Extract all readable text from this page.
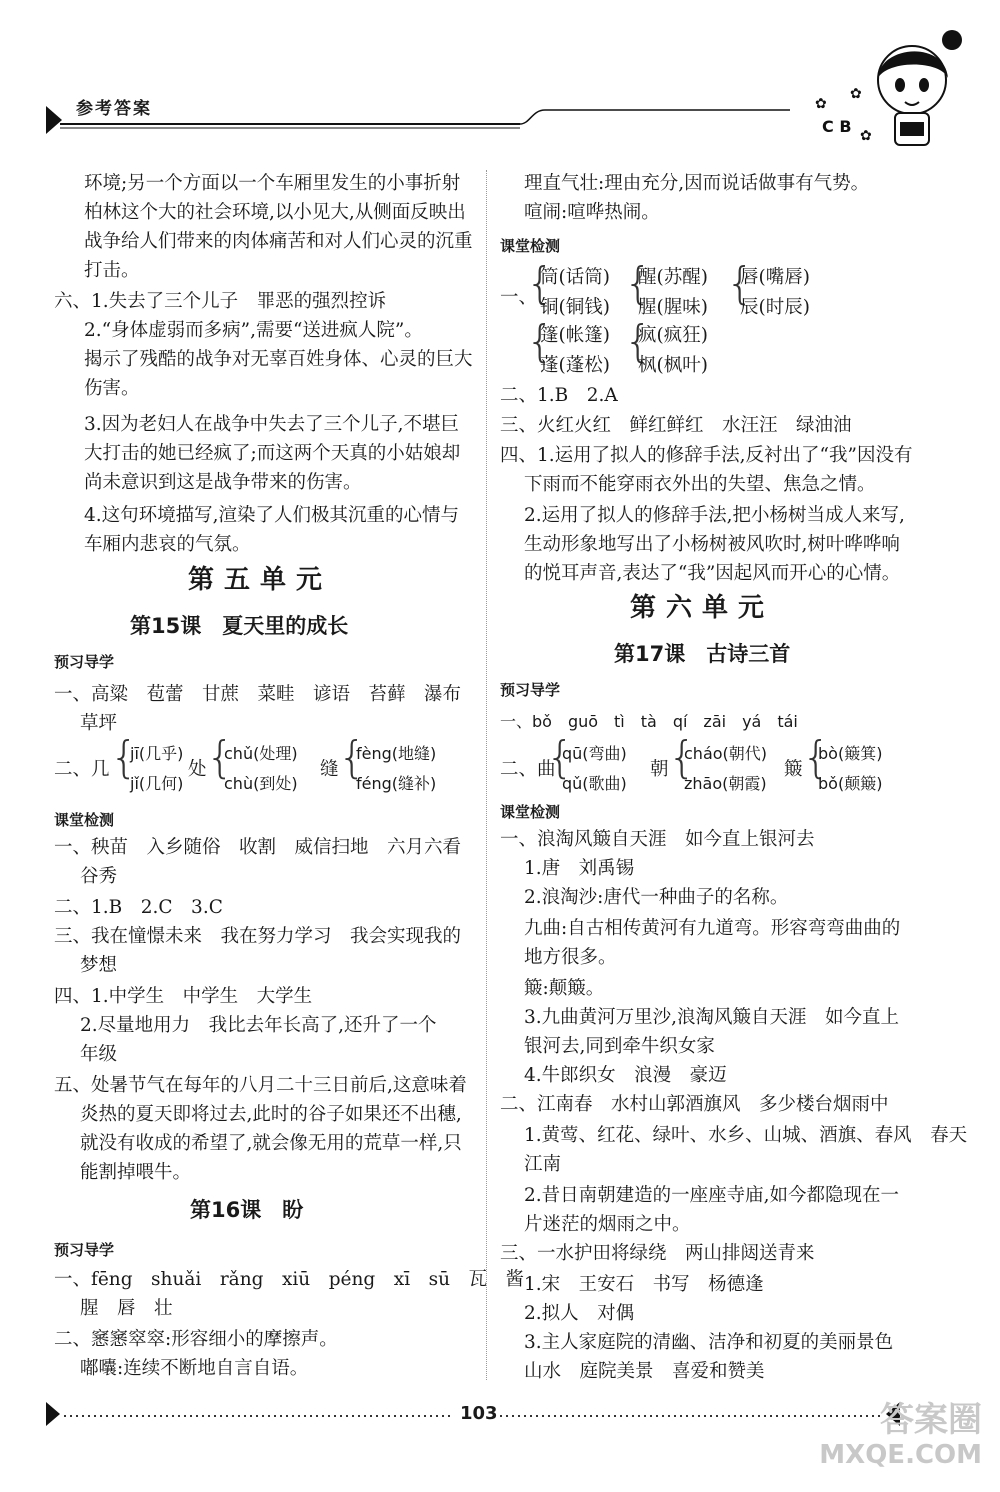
✿
✿
C B ✿
参考答案
环境;另一个方面以一个车厢里发生的小事折射
柏林这个大的社会环境,以小见大,从侧面反映出
战争给人们带来的肉体痛苦和对人们心灵的沉重
打击。
六、1.失去了三个儿子　罪恶的强烈控诉
2.“身体虚弱而多病”,需要“送进疯人院”。
揭示了残酷的战争对无辜百姓身体、心灵的巨大
伤害。
3.因为老妇人在战争中失去了三个儿子,不堪巨
大打击的她已经疯了;而这两个天真的小姑娘却
尚未意识到这是战争带来的伤害。
4.这句环境描写,渲染了人们极其沉重的心情与
车厢内悲哀的气氛。
第五单元
第15课　夏天里的成长
预习导学
一、高粱　苞蕾　甘蔗　菜畦　谚语　苔藓　瀑布
草坪
二、几 {
jī(几乎)
jǐ(几何)
处 {
chǔ(处理)
chù(到处)
缝 {
fèng(地缝)
féng(缝补)
课堂检测
一、秧苗　入乡随俗　收割　威信扫地　六月六看
谷秀
二、1.B　2.C　3.C
三、我在憧憬未来　我在努力学习　我会实现我的
梦想
四、1.中学生　中学生　大学生
2.尽量地用力　我比去年长高了,还升了一个
年级
五、处暑节气在每年的八月二十三日前后,这意味着
炎热的夏天即将过去,此时的谷子如果还不出穗,
就没有收成的希望了,就会像无用的荒草一样,只
能割掉喂牛。
第16课　盼
预习导学
一、fēng　shuǎi　rǎng　xiū　péng　xī　sū　瓦　酱
腥　唇　壮
二、窸窸窣窣:形容细小的摩擦声。
嘟囔:连续不断地自言自语。
理直气壮:理由充分,因而说话做事有气势。
喧闹:喧哗热闹。
课堂检测
一、
{
筒(话筒)
铜(铜钱) {
醒(苏醒)
腥(腥味) {
唇(嘴唇)
辰(时辰)
{
篷(帐篷)
蓬(蓬松) {
疯(疯狂)
枫(枫叶)
二、1.B　2.A
三、火红火红　鲜红鲜红　水汪汪　绿油油
四、1.运用了拟人的修辞手法,反衬出了“我”因没有
下雨而不能穿雨衣外出的失望、焦急之情。
2.运用了拟人的修辞手法,把小杨树当成人来写,
生动形象地写出了小杨树被风吹时,树叶哗哗响
的悦耳声音,表达了“我”因起风而开心的心情。
第六单元
第17课　古诗三首
预习导学
一、bǒ　guō　tì　tà　qí　zāi　yá　tái
二、曲
{
qū(弯曲)
qǔ(歌曲)
朝 {
cháo(朝代)
zhāo(朝霞)
簸 {
bò(簸箕)
bǒ(颠簸)
课堂检测
一、浪淘风簸自天涯　如今直上银河去
1.唐　刘禹锡
2.浪淘沙:唐代一种曲子的名称。
九曲:自古相传黄河有九道弯。形容弯弯曲曲的
地方很多。
簸:颠簸。
3.九曲黄河万里沙,浪淘风簸自天涯　如今直上
银河去,同到牵牛织女家
4.牛郎织女　浪漫　豪迈
二、江南春　水村山郭酒旗风　多少楼台烟雨中
1.黄莺、红花、绿叶、水乡、山城、酒旗、春风　春天
江南
2.昔日南朝建造的一座座寺庙,如今都隐现在一
片迷茫的烟雨之中。
三、一水护田将绿绕　两山排闼送青来
1.宋　王安石　书写　杨德逢
2.拟人　对偶
3.主人家庭院的清幽、洁净和初夏的美丽景色
山水　庭院美景　喜爱和赞美
103	答案圈
MXQE.COM
